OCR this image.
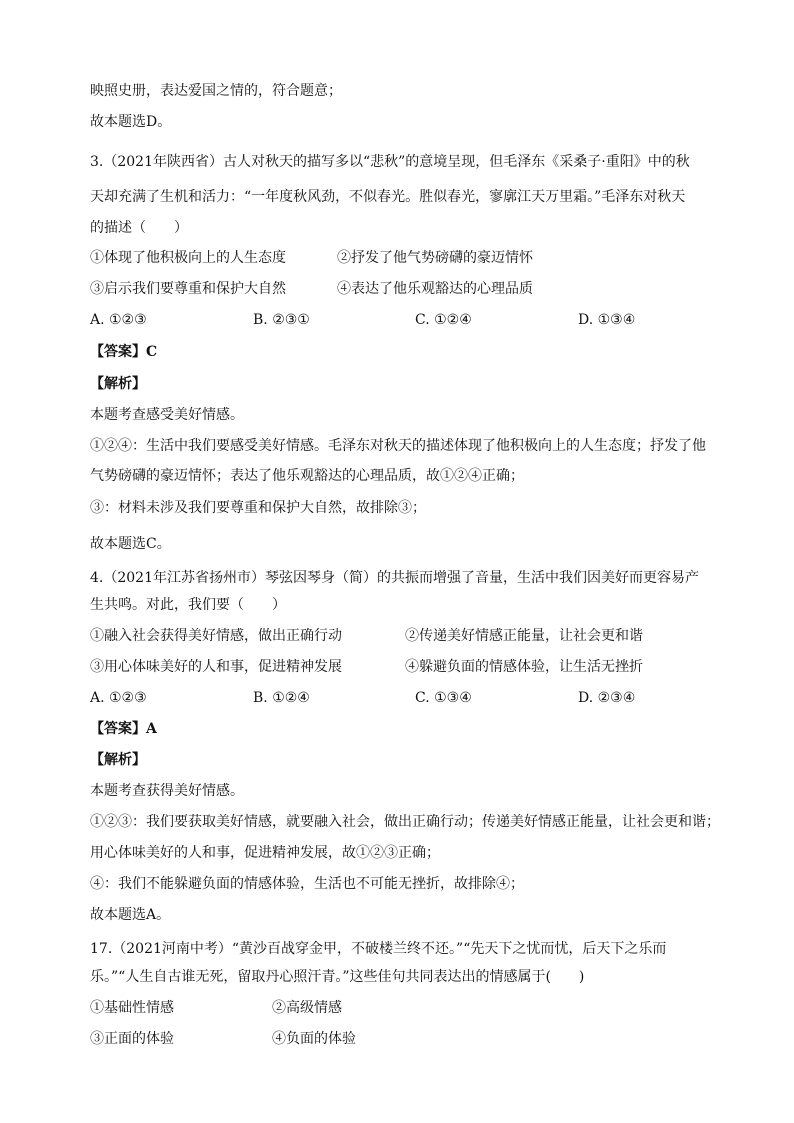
映照史册，表达爱国之情的，符合题意；
故本题选D。
3.（2021年陕西省）古人对秋天的描写多以“悲秋”的意境呈现，但毛泽东《采桑子·重阳》中的秋
天却充满了生机和活力：“一年度秋风劲，不似春光。胜似春光，寥廓江天万里霜。”毛泽东对秋天
的描述（　　）
①体现了他积极向上的人生态度	②抒发了他气势磅礴的豪迈情怀
③启示我们要尊重和保护大自然	④表达了他乐观豁达的心理品质
A. ①②③	B. ②③①	C. ①②④	D. ①③④
【答案】C
【解析】
本题考查感受美好情感。
①②④：生活中我们要感受美好情感。毛泽东对秋天的描述体现了他积极向上的人生态度；抒发了他
气势磅礴的豪迈情怀；表达了他乐观豁达的心理品质，故①②④正确；
③：材料未涉及我们要尊重和保护大自然，故排除③；
故本题选C。
4.（2021年江苏省扬州市）琴弦因琴身（简）的共振而增强了音量，生活中我们因美好而更容易产
生共鸣。对此，我们要（　　）
①融入社会获得美好情感，做出正确行动	②传递美好情感正能量，让社会更和谐
③用心体味美好的人和事，促进精神发展	④躲避负面的情感体验，让生活无挫折
A. ①②③	B. ①②④	C. ①③④	D. ②③④
【答案】A
【解析】
本题考查获得美好情感。
①②③：我们要获取美好情感，就要融入社会，做出正确行动；传递美好情感正能量，让社会更和谐；
用心体味美好的人和事，促进精神发展，故①②③正确；
④：我们不能躲避负面的情感体验，生活也不可能无挫折，故排除④；
故本题选A。
17.（2021河南中考）“黄沙百战穿金甲，不破楼兰终不还。”“先天下之忧而忧，后天下之乐而
乐。”“人生自古谁无死，留取丹心照汗青。”这些佳句共同表达出的情感属于(　　)
①基础性情感	②高级情感
③正面的体验	④负面的体验
